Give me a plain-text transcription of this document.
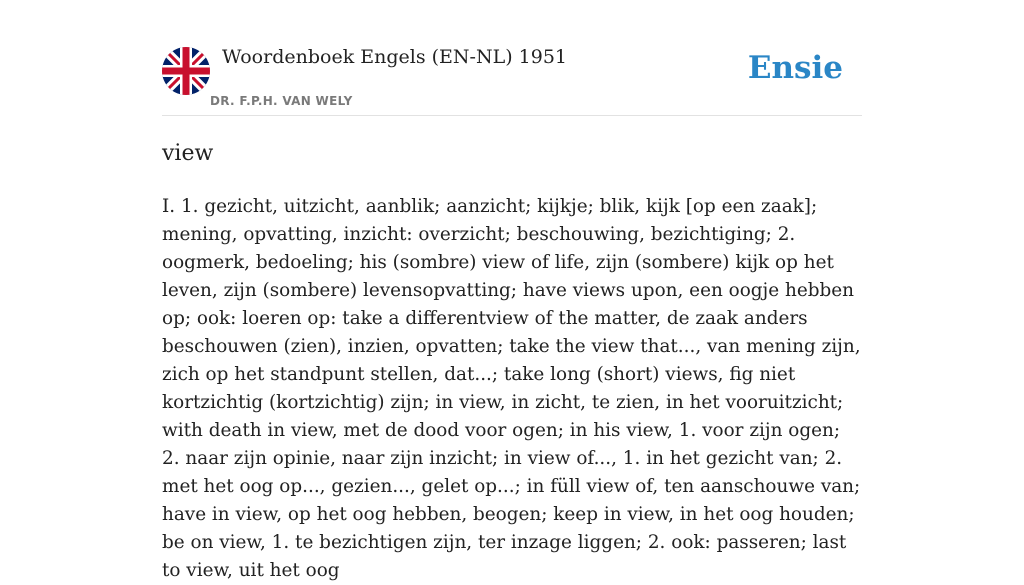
Woordenboek Engels (EN-NL) 1951
DR. F.P.H. VAN WELY
Ensie
view

I. 1. gezicht, uitzicht, aanblik; aanzicht; kijkje; blik, kijk [op een zaak]; mening, opvatting, inzicht: overzicht; beschouwing, bezichtiging; 2. oogmerk, bedoeling; his (sombre) view of life, zijn (sombere) kijk op het leven, zijn (sombere) levensopvatting; have views upon, een oogje hebben op; ook: loeren op: take a differentview of the matter, de zaak anders beschouwen (zien), inzien, opvatten; take the view that..., van mening zijn, zich op het standpunt stellen, dat...; take long (short) views, fig niet kortzichtig (kortzichtig) zijn; in view, in zicht, te zien, in het vooruitzicht; with death in view, met de dood voor ogen; in his view, 1. voor zijn ogen; 2. naar zijn opinie, naar zijn inzicht; in view of..., 1. in het gezicht van; 2. met het oog op..., gezien..., gelet op...; in füll view of, ten aanschouwe van; have in view, op het oog hebben, beogen; keep in view, in het oog houden; be on view, 1. te bezichtigen zijn, ter inzage liggen; 2. ook: passeren; last to view, uit het oog
